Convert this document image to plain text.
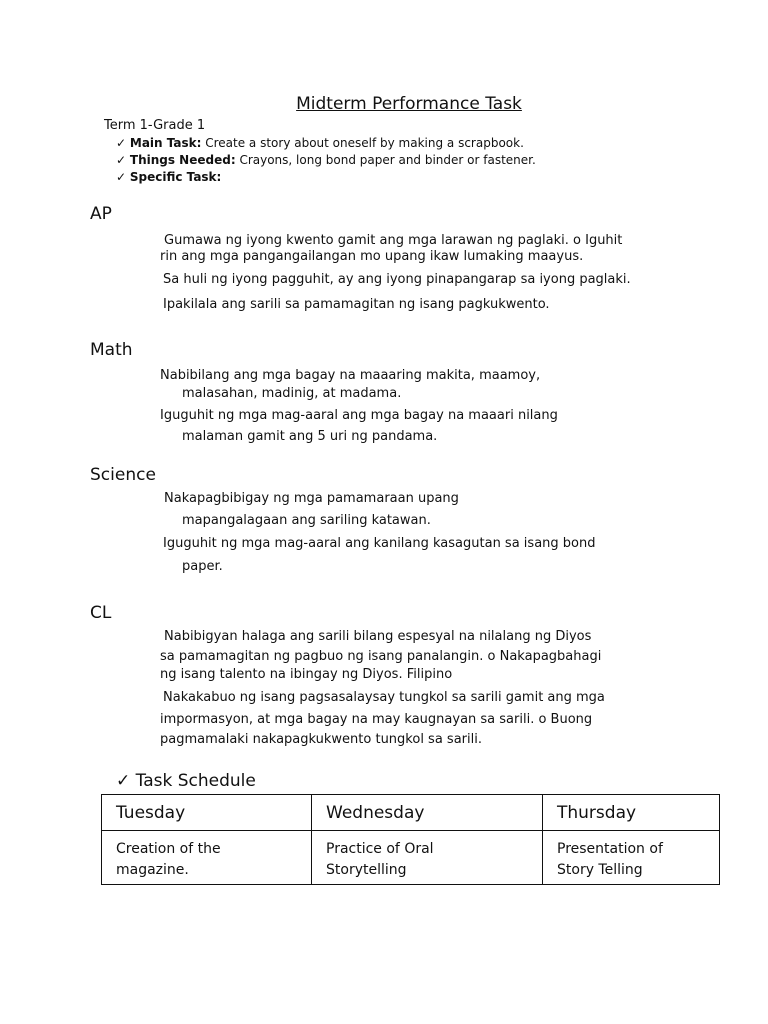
Midterm Performance Task
Term 1-Grade 1
✓ Main Task: Create a story about oneself by making a scrapbook.
✓ Things Needed: Crayons, long bond paper and binder or fastener.
✓ Specific Task:
AP
Gumawa ng iyong kwento gamit ang mga larawan ng paglaki. o Iguhit
rin ang mga pangangailangan mo upang ikaw lumaking maayus.
Sa huli ng iyong pagguhit, ay ang iyong pinapangarap sa iyong paglaki.
Ipakilala ang sarili sa pamamagitan ng isang pagkukwento.
Math
Nabibilang ang mga bagay na maaaring makita, maamoy,
malasahan, madinig, at madama.
Iguguhit ng mga mag-aaral ang mga bagay na maaari nilang
malaman gamit ang 5 uri ng pandama.
Science
Nakapagbibigay ng mga pamamaraan upang
mapangalagaan ang sariling katawan.
Iguguhit ng mga mag-aaral ang kanilang kasagutan sa isang bond
paper.
CL
Nabibigyan halaga ang sarili bilang espesyal na nilalang ng Diyos
sa pamamagitan ng pagbuo ng isang panalangin. o Nakapagbahagi
ng isang talento na ibingay ng Diyos. Filipino
Nakakabuo ng isang pagsasalaysay tungkol sa sarili gamit ang mga
impormasyon, at mga bagay na may kaugnayan sa sarili. o Buong
pagmamalaki nakapagkukwento tungkol sa sarili.
✓ Task Schedule
Tuesday	Wednesday	Thursday
Creation of the magazine.	Practice of Oral Storytelling	Presentation of Story Telling
